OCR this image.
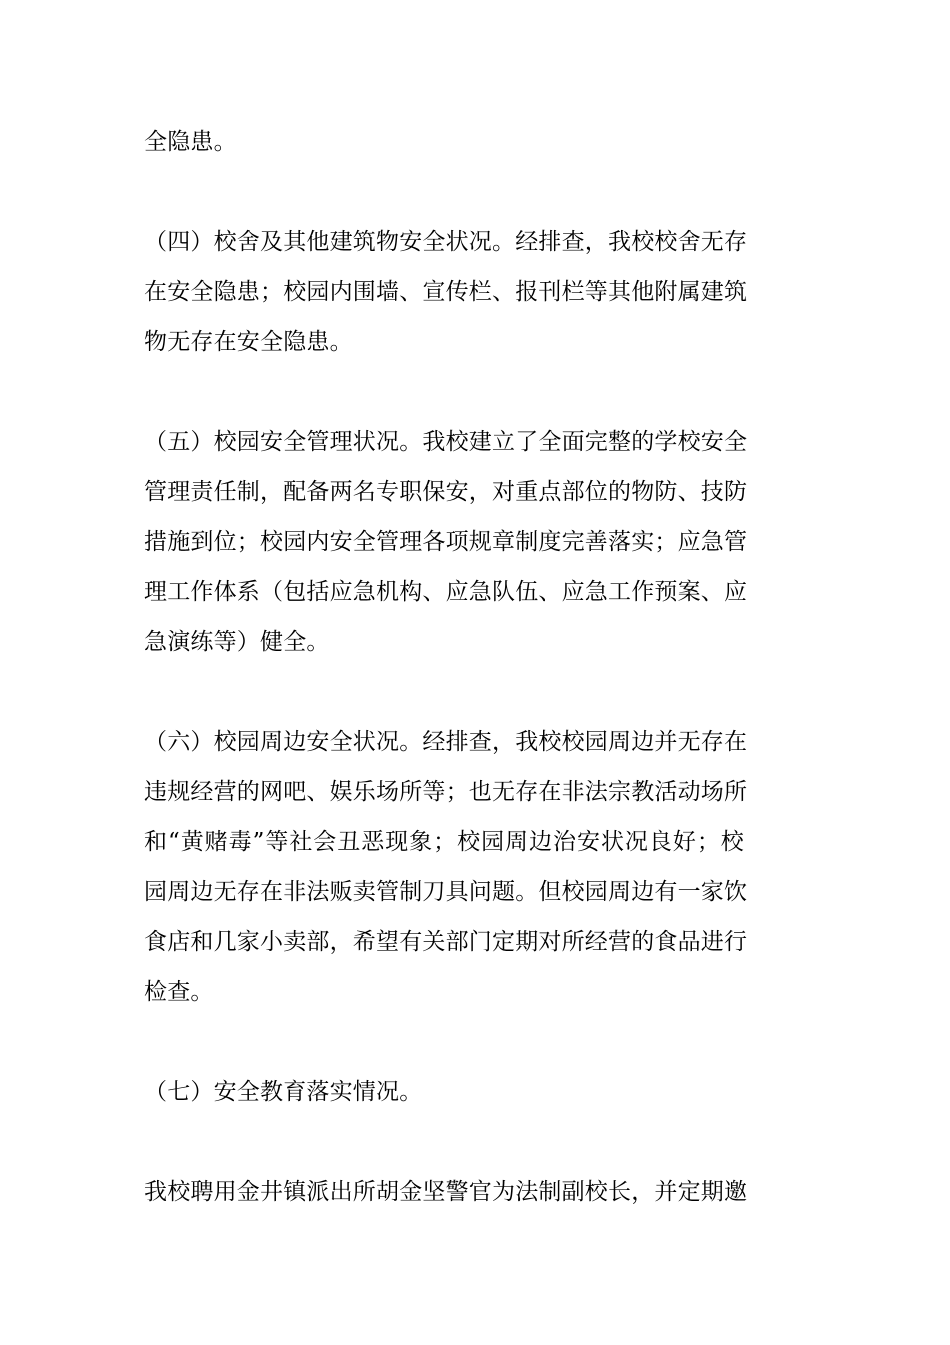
全隐患。
（四）校舍及其他建筑物安全状况。经排查，我校校舍无存
在安全隐患；校园内围墙、宣传栏、报刊栏等其他附属建筑
物无存在安全隐患。
（五）校园安全管理状况。我校建立了全面完整的学校安全
管理责任制，配备两名专职保安，对重点部位的物防、技防
措施到位；校园内安全管理各项规章制度完善落实；应急管
理工作体系（包括应急机构、应急队伍、应急工作预案、应
急演练等）健全。
（六）校园周边安全状况。经排查，我校校园周边并无存在
违规经营的网吧、娱乐场所等；也无存在非法宗教活动场所
和“黄赌毒”等社会丑恶现象；校园周边治安状况良好；校
园周边无存在非法贩卖管制刀具问题。但校园周边有一家饮
食店和几家小卖部，希望有关部门定期对所经营的食品进行
检查。
（七）安全教育落实情况。
我校聘用金井镇派出所胡金坚警官为法制副校长，并定期邀
